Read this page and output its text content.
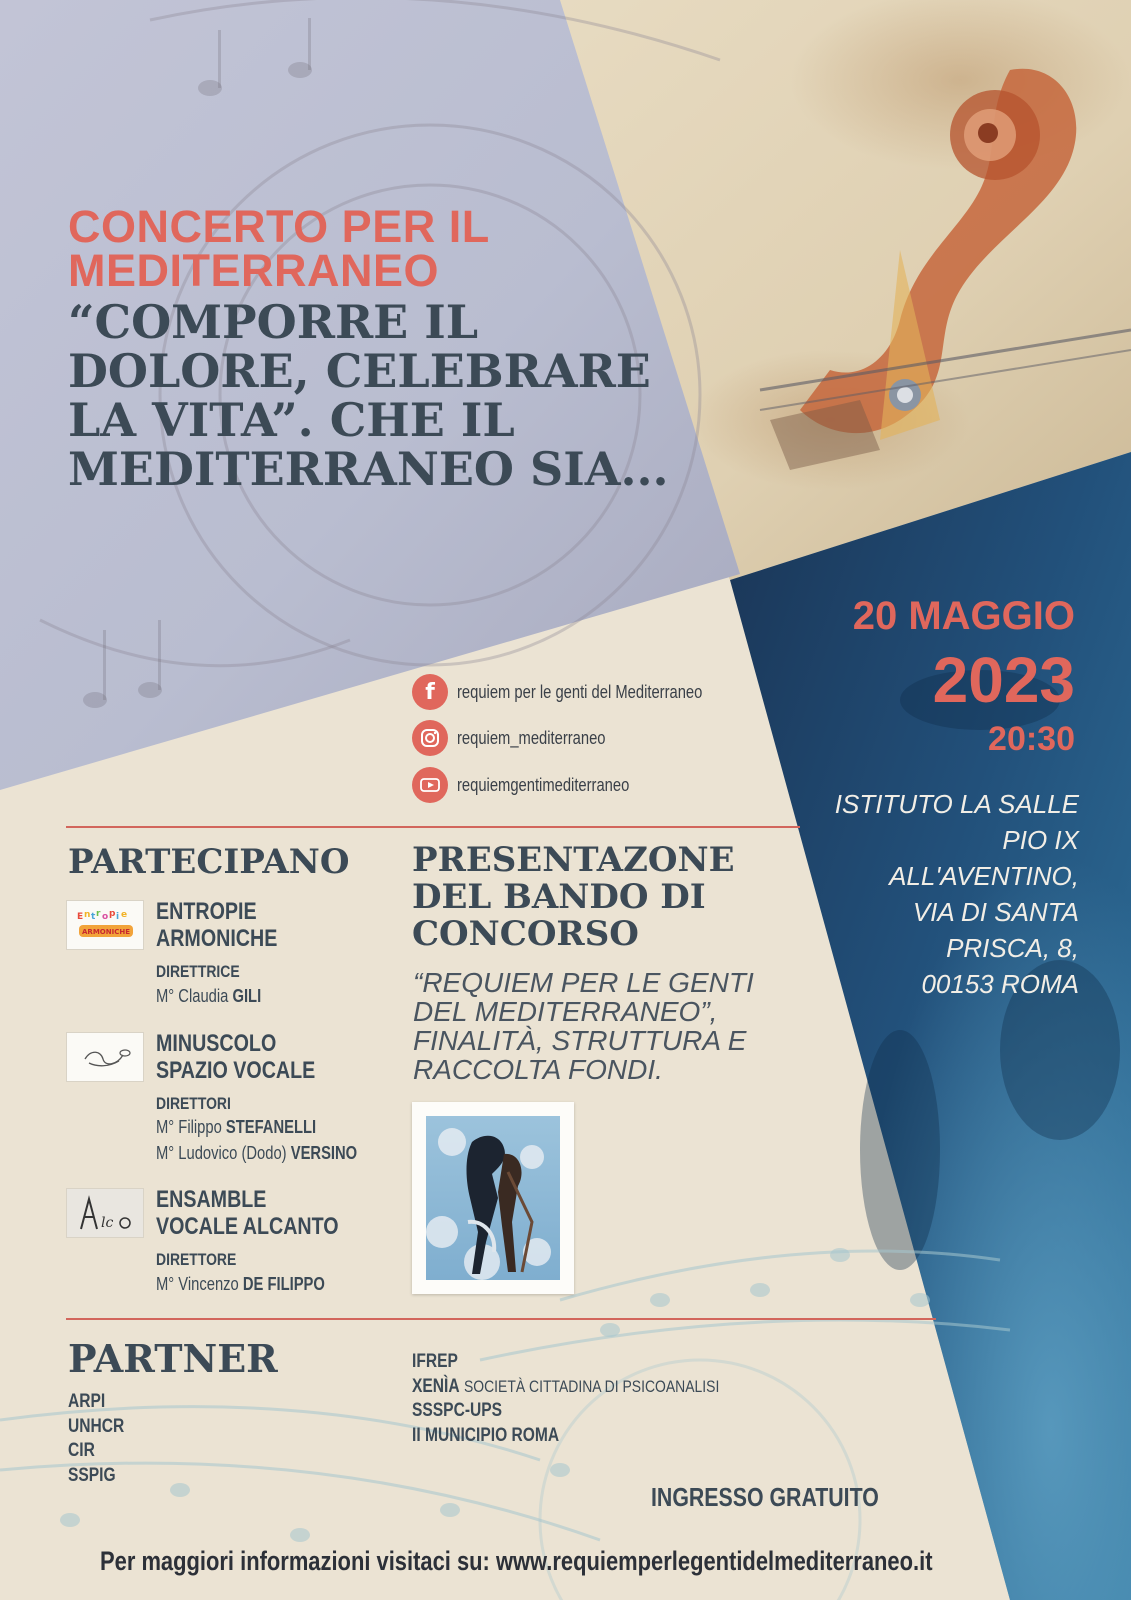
CONCERTO PER IL MEDITERRANEO
“COMPORRE IL DOLORE, CELEBRARE LA VITA”. CHE IL MEDITERRANEO SIA...
f	requiem per le genti del Mediterraneo
requiem_mediterraneo
requiemgentimediterraneo
20 MAGGIO
2023
20:30
ISTITUTO LA SALLE
PIO IX
ALL'AVENTINO,
VIA DI SANTA
PRISCA, 8,
00153 ROMA
PARTECIPANO
E n t r o p i e
ARMONICHE
ENTROPIE
ARMONICHE
DIRETTRICE
M° Claudia GILI
MINUSCOLO
SPAZIO VOCALE
DIRETTORI
M° Filippo STEFANELLI
M° Ludovico (Dodo) VERSINO
lc
ENSAMBLE
VOCALE ALCANTO
DIRETTORE
M° Vincenzo DE FILIPPO
PRESENTAZONE
DEL BANDO DI
CONCORSO
“REQUIEM PER LE GENTI
DEL MEDITERRANEO”,
FINALITÀ, STRUTTURA E
RACCOLTA FONDI.
PARTNER
ARPI
UNHCR
CIR
SSPIG
IFREP
XENÌA SOCIETÀ CITTADINA DI PSICOANALISI
SSSPC-UPS
II MUNICIPIO ROMA
INGRESSO GRATUITO
Per maggiori informazioni visitaci su: www.requiemperlegentidelmediterraneo.it
